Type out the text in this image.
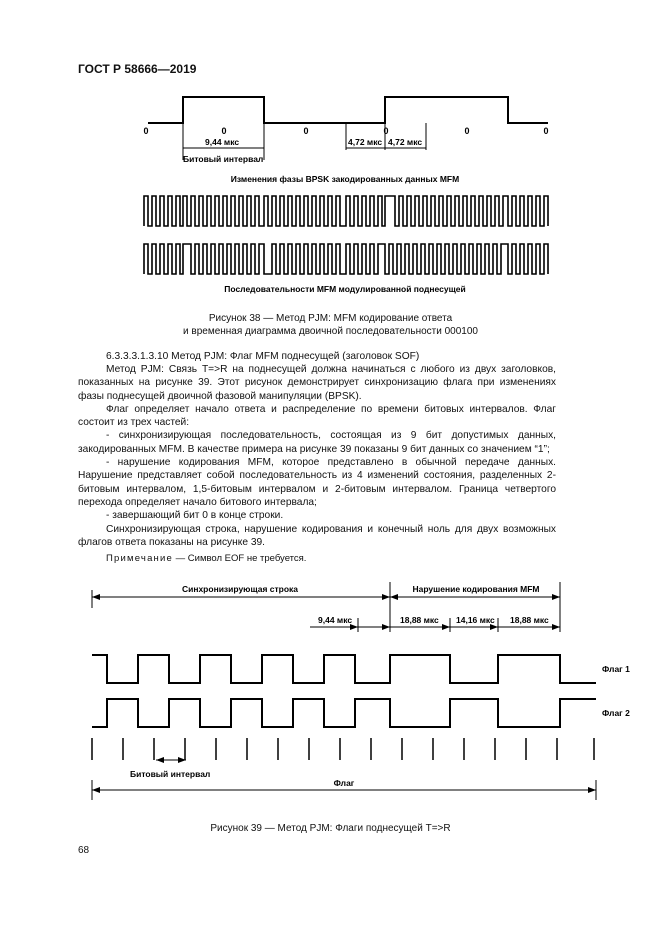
ГОСТ Р 58666—2019
0	0	0	0	0	0
9,44 мкс	4,72 мкс 4,72 мкс
Битовый интервал
Изменения фазы BPSK закодированных данных MFM
Последовательности MFM модулированной поднесущей
Рисунок 38 — Метод PJM: MFM кодирование ответа
и временная диаграмма двоичной последовательности 000100

6.3.3.3.1.3.10 Метод PJM: Флаг MFM поднесущей (заголовок SOF)

Метод PJM: Связь T=>R на поднесущей должна начинаться с любого из двух заголовков, показанных на рисунке 39. Этот рисунок демонстрирует синхронизацию флага при изменениях фазы поднесущей двоичной фазовой манипуляции (BPSK).

Флаг определяет начало ответа и распределение по времени битовых интервалов. Флаг состоит из трех частей:

- синхронизирующая последовательность, состоящая из 9 бит допустимых данных, закодированных MFM. В качестве примера на рисунке 39 показаны 9 бит данных со значением “1”;

- нарушение кодирования MFM, которое представлено в обычной передаче данных. Нарушение представляет собой последовательность из 4 изменений состояния, разделенных 2-битовым интервалом, 1,5-битовым интервалом и 2-битовым интервалом. Граница четвертого перехода определяет начало битового интервала;

- завершающий бит 0 в конце строки.

Синхронизирующая строка, нарушение кодирования и конечный ноль для двух возможных флагов ответа показаны на рисунке 39.

Примечание — Символ EOF не требуется.

Синхронизирующая строка	Нарушение кодирования MFM
9,44 мкс	18,88 мкс 14,16 мкс 18,88 мкс
Флаг 1
Флаг 2
Битовый интервал
Флаг
Рисунок 39 — Метод PJM: Флаги поднесущей T=>R
68
